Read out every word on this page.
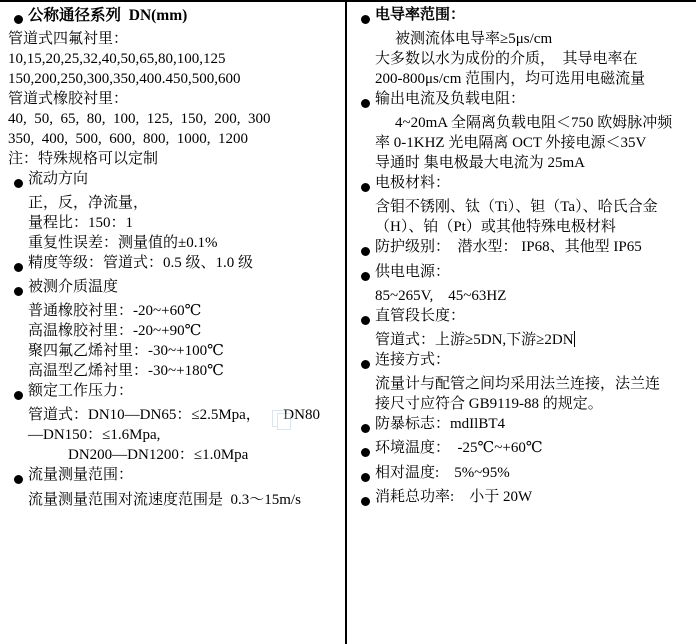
公称通径系列  DN(mm)
管道式四氟衬里：
10,15,20,25,32,40,50,65,80,100,125
150,200,250,300,350,400.450,500,600
管道式橡胶衬里：
40,  50,  65,  80,  100,  125,  150,  200,  300
350,  400,  500,  600,  800,  1000,  1200
注：特殊规格可以定制
流动方向
正，反，净流量，
量程比：150：1
重复性误差：测量值的±0.1%
精度等级：管道式：0.5 级、1.0 级
被测介质温度
普通橡胶衬里：-20~+60℃
高温橡胶衬里：-20~+90℃
聚四氟乙烯衬里：-30~+100℃
高温型乙烯衬里：-30~+180℃
额定工作压力：
管道式：DN10—DN65：≤2.5Mpa，      DN80
—DN150：≤1.6Mpa,
DN200—DN1200：≤1.0Mpa
流量测量范围：
流量测量范围对流速度范围是  0.3～15m/s
电导率范围：
被测流体电导率≥5μs/cm
大多数以水为成份的介质，  其导电率在
200-800μs/cm 范围内，均可选用电磁流量
输出电流及负载电阻：
4~20mA 全隔离负载电阻＜750 欧姆脉冲频
率 0-1KHZ 光电隔离 OCT 外接电源＜35V
导通时 集电极最大电流为 25mA
电极材料：
含钼不锈刚、钛（Ti）、钽（Ta）、哈氏合金
（H）、铂（Pt）或其他特殊电极材料
防护级别：　 潜水型： IP68、其他型 IP65
供电电源：
85~265V,    45~63HZ
直管段长度：
管道式：上游≥5DN,下游≥2DN
连接方式：
流量计与配管之间均采用法兰连接，法兰连
接尺寸应符合 GB9119-88 的规定。
防暴标志：mdIlBT4
环境温度：　 -25℃~+60℃
相对温度:　 5%~95%
消耗总功率:　 小于 20W
